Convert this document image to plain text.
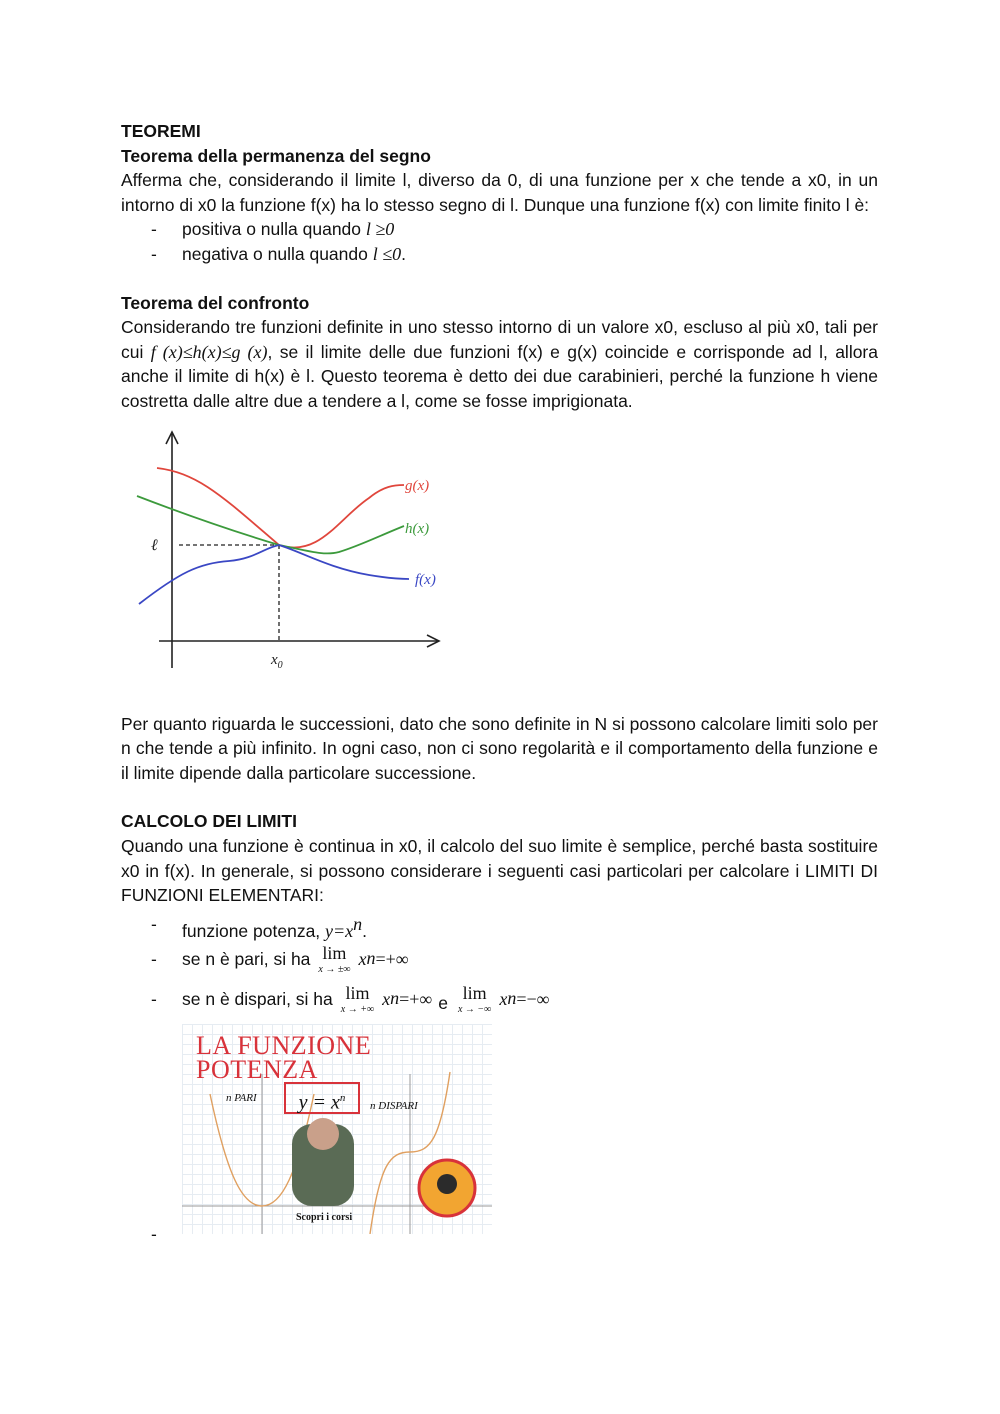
TEOREMI

Teorema della permanenza del segno

Afferma che, considerando il limite l, diverso da 0, di una funzione per x che tende a x0, in un intorno di x0 la funzione f(x) ha lo stesso segno di l. Dunque una funzione f(x) con limite finito l è:

- positiva o nulla quando l ≥0
- negativa o nulla quando l ≤0.

Teorema del confronto

Considerando tre funzioni definite in uno stesso intorno di un valore x0, escluso al più x0, tali per cui f (x)≤h(x)≤g (x), se il limite delle due funzioni f(x) e g(x) coincide e corrisponde ad l, allora anche il limite di h(x) è l. Questo teorema è detto dei due carabinieri, perché la funzione h viene costretta dalle altre due a tendere a l, come se fosse imprigionata.

g(x)
h(x)
f(x)
ℓ
$x_0$

Per quanto riguarda le successioni, dato che sono definite in N si possono calcolare limiti solo per n che tende a più infinito. In ogni caso, non ci sono regolarità e il comportamento della funzione e il limite dipende dalla particolare successione.

CALCOLO DEI LIMITI

Quando una funzione è continua in x0, il calcolo del suo limite è semplice, perché basta sostituire x0 in f(x). In generale, si possono considerare i seguenti casi particolari per calcolare i LIMITI DI FUNZIONI ELEMENTARI:

- funzione potenza, $y=x^n$.
- se n è pari, si ha lim
x → ±∞
x n =+∞
- se n è dispari, si ha lim
x → +∞
x n =+∞ e lim
x → −∞
x n =−∞
LA FUNZIONE POTENZA
$y = x^n$
n PARI
n DISPARI
Scopri i corsi
-
